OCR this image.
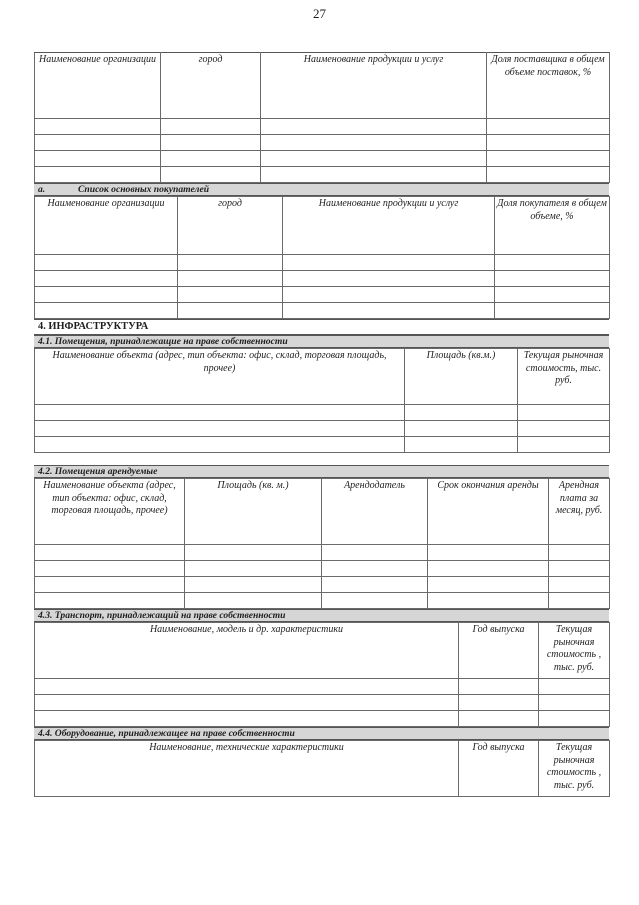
27
Наименование организации	город	Наименование продукции и услуг	Доля поставщика в общем объеме поставок, %

a.	Список основных покупателей
Наименование организации	город	Наименование продукции и услуг	Доля покупателя в общем объеме, %

4. ИНФРАСТРУКТУРА
4.1. Помещения, принадлежащие на праве собственности
Наименование объекта (адрес, тип объекта: офис, склад, торговая площадь, прочее)	Площадь (кв.м.)	Текущая рыночная стоимость, тыс. руб.

4.2. Помещения арендуемые
Наименование объекта (адрес, тип объекта: офис, склад, торговая площадь, прочее)	Площадь (кв. м.)	Арендодатель	Срок окончания аренды	Арендная плата за месяц, руб.

4.3. Транспорт, принадлежащий на праве собственности
Наименование, модель и др. характеристики	Год выпуска	Текущая рыночная стоимость , тыс. руб.

4.4. Оборудование, принадлежащее на праве собственности
Наименование, технические характеристики	Год выпуска	Текущая рыночная стоимость , тыс. руб.
